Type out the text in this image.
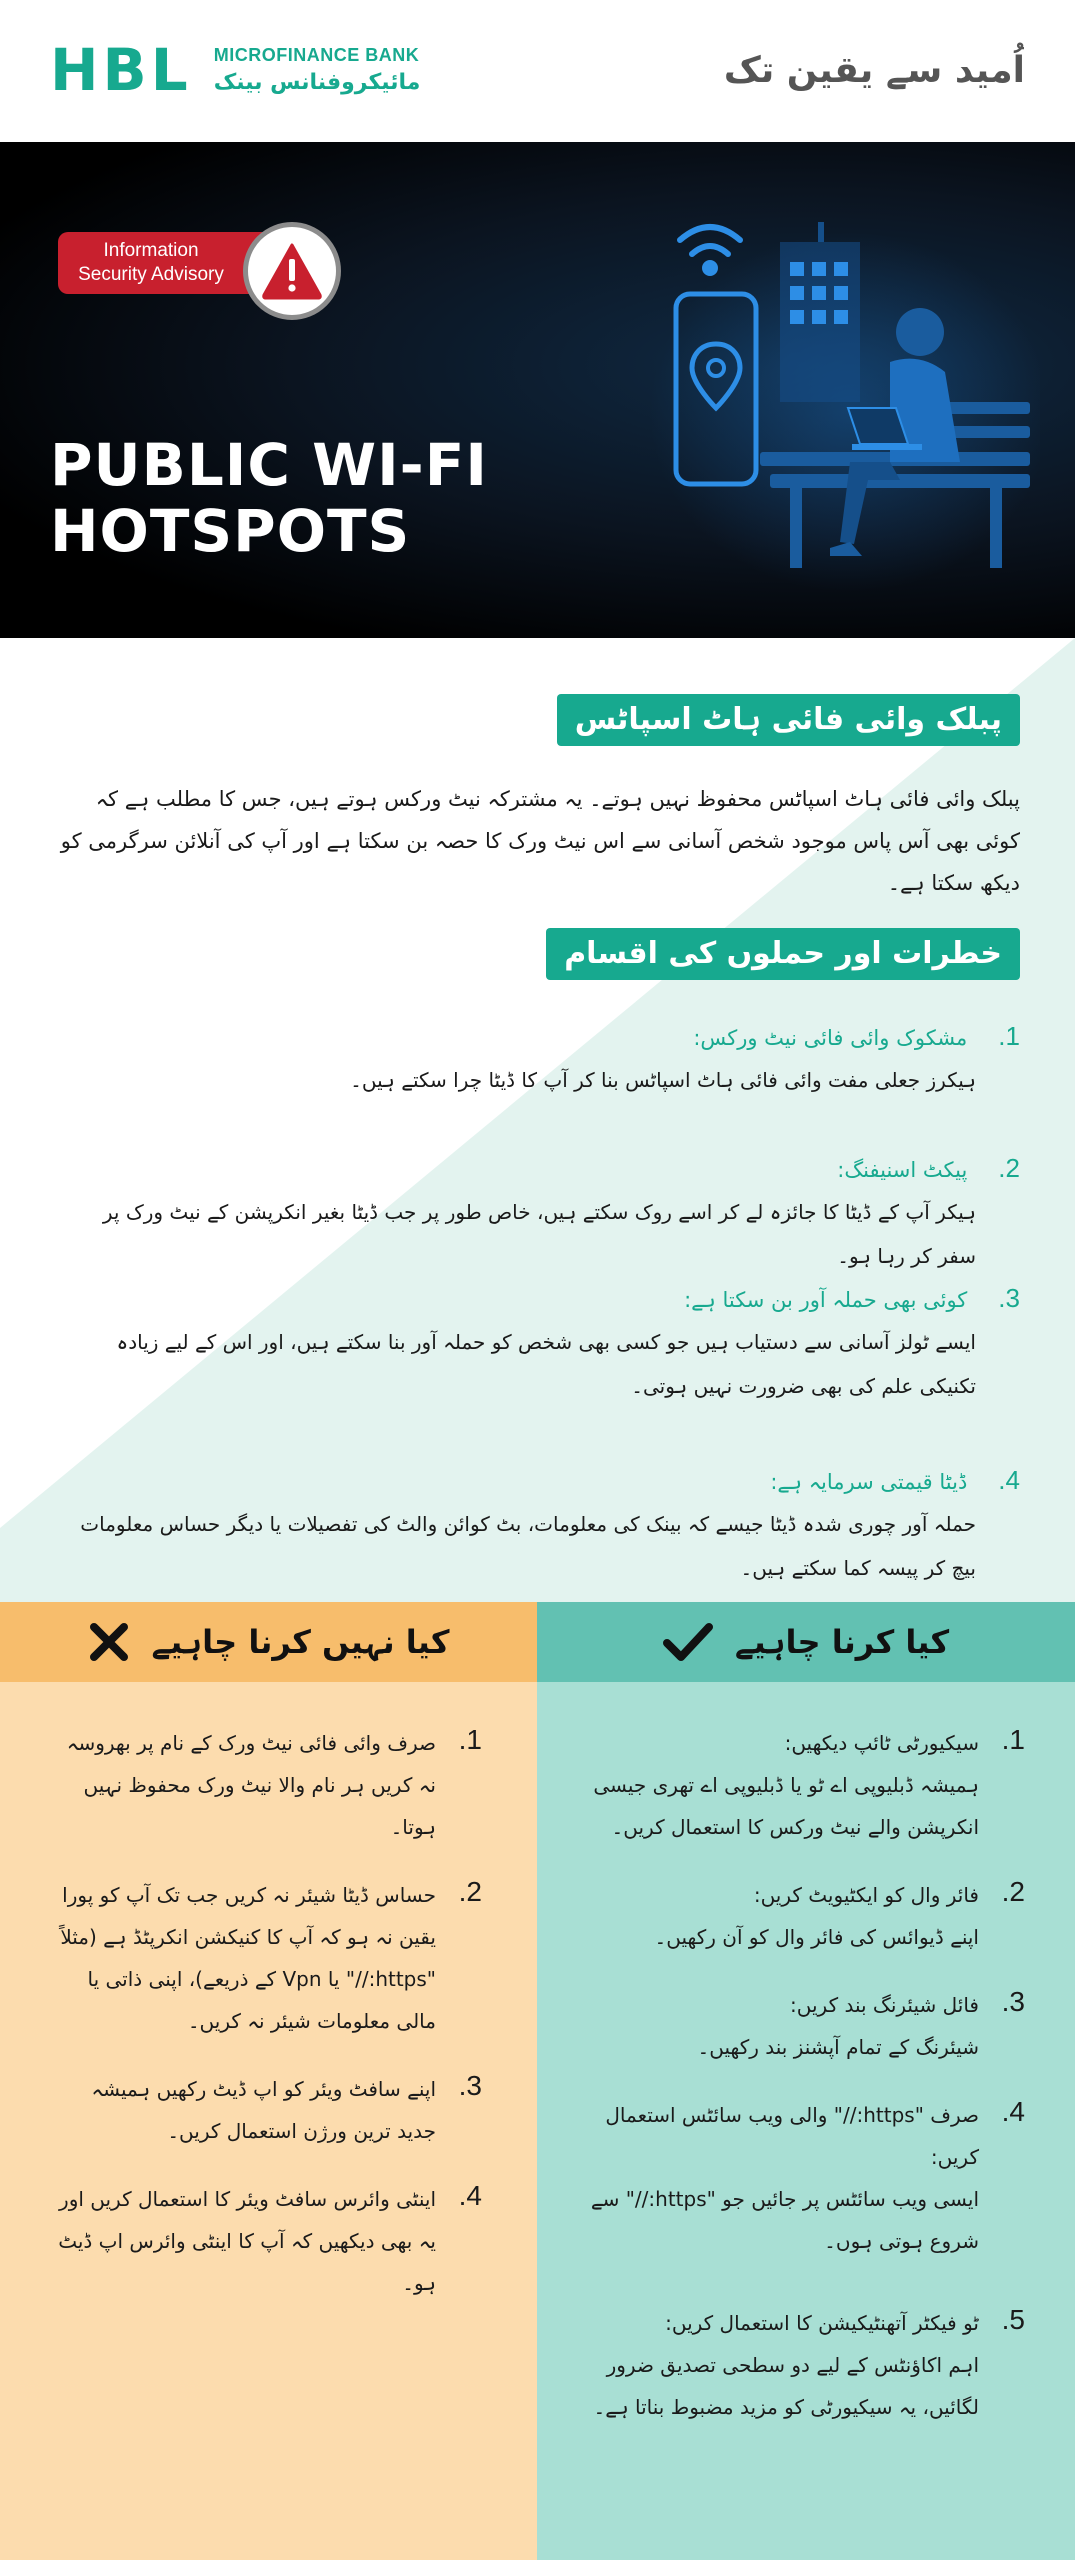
HBL MICROFINANCE BANK
مائیکروفنانس بینک	اُمید سے یقین تک
Information
Security Advisory
PUBLIC WI-FI
HOTSPOTS
پبلک وائی فائی ہاٹ اسپاٹس
پبلک وائی فائی ہاٹ اسپاٹس محفوظ نہیں ہوتے۔ یہ مشترکہ نیٹ ورکس ہوتے ہیں، جس کا مطلب ہے کہ کوئی بھی آس پاس موجود شخص آسانی سے اس نیٹ ورک کا حصہ بن سکتا ہے اور آپ کی آنلائن سرگرمی کو دیکھ سکتا ہے۔
خطرات اور حملوں کی اقسام
1. مشکوک وائی فائی نیٹ ورکس:
ہیکرز جعلی مفت وائی فائی ہاٹ اسپاٹس بنا کر آپ کا ڈیٹا چرا سکتے ہیں۔
2. پیکٹ اسنیفنگ:
ہیکر آپ کے ڈیٹا کا جائزہ لے کر اسے روک سکتے ہیں، خاص طور پر جب ڈیٹا بغیر انکرپشن کے نیٹ ورک پر سفر کر رہا ہو۔
3. کوئی بھی حملہ آور بن سکتا ہے:
ایسے ٹولز آسانی سے دستیاب ہیں جو کسی بھی شخص کو حملہ آور بنا سکتے ہیں، اور اس کے لیے زیادہ تکنیکی علم کی بھی ضرورت نہیں ہوتی۔
4. ڈیٹا قیمتی سرمایہ ہے:
حملہ آور چوری شدہ ڈیٹا جیسے کہ بینک کی معلومات، بٹ کوائن والٹ کی تفصیلات یا دیگر حساس معلومات بیچ کر پیسہ کما سکتے ہیں۔
کیا نہیں کرنا چاہیے
1.
صرف وائی فائی نیٹ ورک کے نام پر بھروسہ نہ کریں ہر نام والا نیٹ ورک محفوظ نہیں ہوتا۔
2.
حساس ڈیٹا شیئر نہ کریں جب تک آپ کو پورا یقین نہ ہو کہ آپ کا کنیکشن انکرپٹڈ ہے (مثلاً "https://" یا Vpn کے ذریعے)، اپنی ذاتی یا مالی معلومات شیئر نہ کریں۔
3.
اپنے سافٹ ویئر کو اپ ڈیٹ رکھیں ہمیشہ جدید ترین ورژن استعمال کریں۔
4.
اینٹی وائرس سافٹ ویئر کا استعمال کریں اور یہ بھی دیکھیں کہ آپ کا اینٹی وائرس اپ ڈیٹ ہو۔
کیا کرنا چاہیے
1.
سیکیورٹی ٹائپ دیکھیں:
ہمیشہ ڈبلیوپی اے ٹو یا ڈبلیوپی اے تھری جیسی انکرپشن والے نیٹ ورکس کا استعمال کریں۔
2.
فائر وال کو ایکٹیویٹ کریں:
اپنے ڈیوائس کی فائر وال کو آن رکھیں۔
3.
فائل شیئرنگ بند کریں:
شیئرنگ کے تمام آپشنز بند رکھیں۔
4.
صرف "https://" والی ویب سائٹس استعمال کریں:
ایسی ویب سائٹس پر جائیں جو "https://" سے شروع ہوتی ہوں۔
5.
ٹو فیکٹر آتھنٹیکیشن کا استعمال کریں:
اہم اکاؤنٹس کے لیے دو سطحی تصدیق ضرور لگائیں، یہ سیکیورٹی کو مزید مضبوط بناتا ہے۔
